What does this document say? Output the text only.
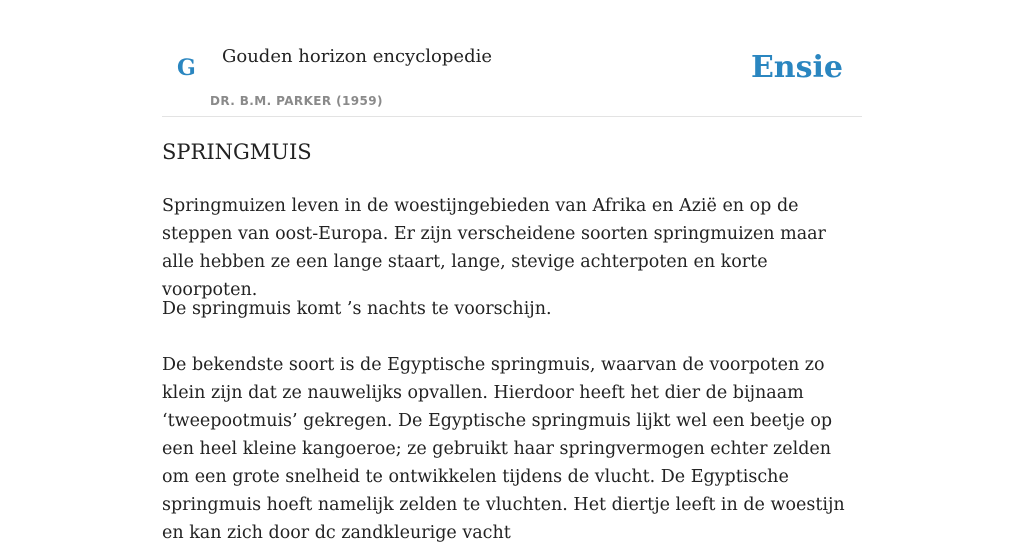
G Gouden horizon encyclopedie
DR. B.M. PARKER (1959)
Ensie
SPRINGMUIS

Springmuizen leven in de woestijngebieden van Afrika en Azië en op de steppen van oost-Europa. Er zijn verscheidene soorten springmuizen maar alle hebben ze een lange staart, lange, stevige achterpoten en korte voorpoten.

De springmuis komt ’s nachts te voorschijn.

De bekendste soort is de Egyptische springmuis, waarvan de voorpoten zo klein zijn dat ze nauwelijks opvallen. Hierdoor heeft het dier de bijnaam ‘tweepootmuis’ gekregen. De Egyptische springmuis lijkt wel een beetje op een heel kleine kangoeroe; ze gebruikt haar springvermogen echter zelden om een grote snelheid te ontwikkelen tijdens de vlucht. De Egyptische springmuis hoeft namelijk zelden te vluchten. Het diertje leeft in de woestijn en kan zich door dc zandkleurige vacht
